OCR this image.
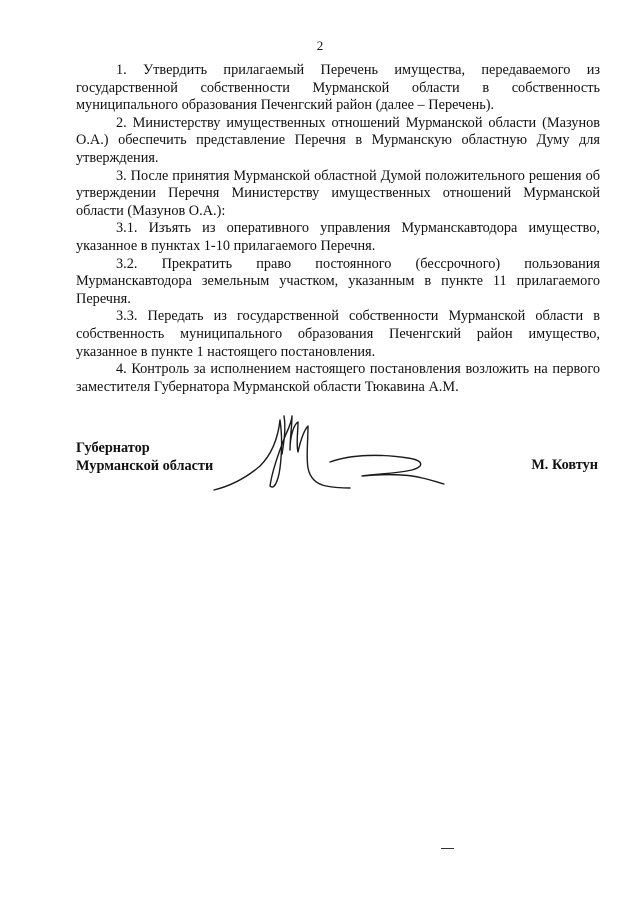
2

1. Утвердить прилагаемый Перечень имущества, передаваемого из государственной собственности Мурманской области в собственность муниципального образования Печенгский район (далее – Перечень).

2. Министерству имущественных отношений Мурманской области (Мазунов О.А.) обеспечить представление Перечня в Мурманскую областную Думу для утверждения.

3. После принятия Мурманской областной Думой положительного решения об утверждении Перечня Министерству имущественных отношений Мурманской области (Мазунов О.А.):

3.1. Изъять из оперативного управления Мурманскавтодора имущество, указанное в пунктах 1-10 прилагаемого Перечня.

3.2. Прекратить право постоянного (бессрочного) пользования Мурманскавтодора земельным участком, указанным в пункте 11 прилагаемого Перечня.

3.3. Передать из государственной собственности Мурманской области в собственность муниципального образования Печенгский район имущество, указанное в пункте 1 настоящего постановления.

4. Контроль за исполнением настоящего постановления возложить на первого заместителя Губернатора Мурманской области Тюкавина А.М.

Губернатор
Мурманской области	М. Ковтун
